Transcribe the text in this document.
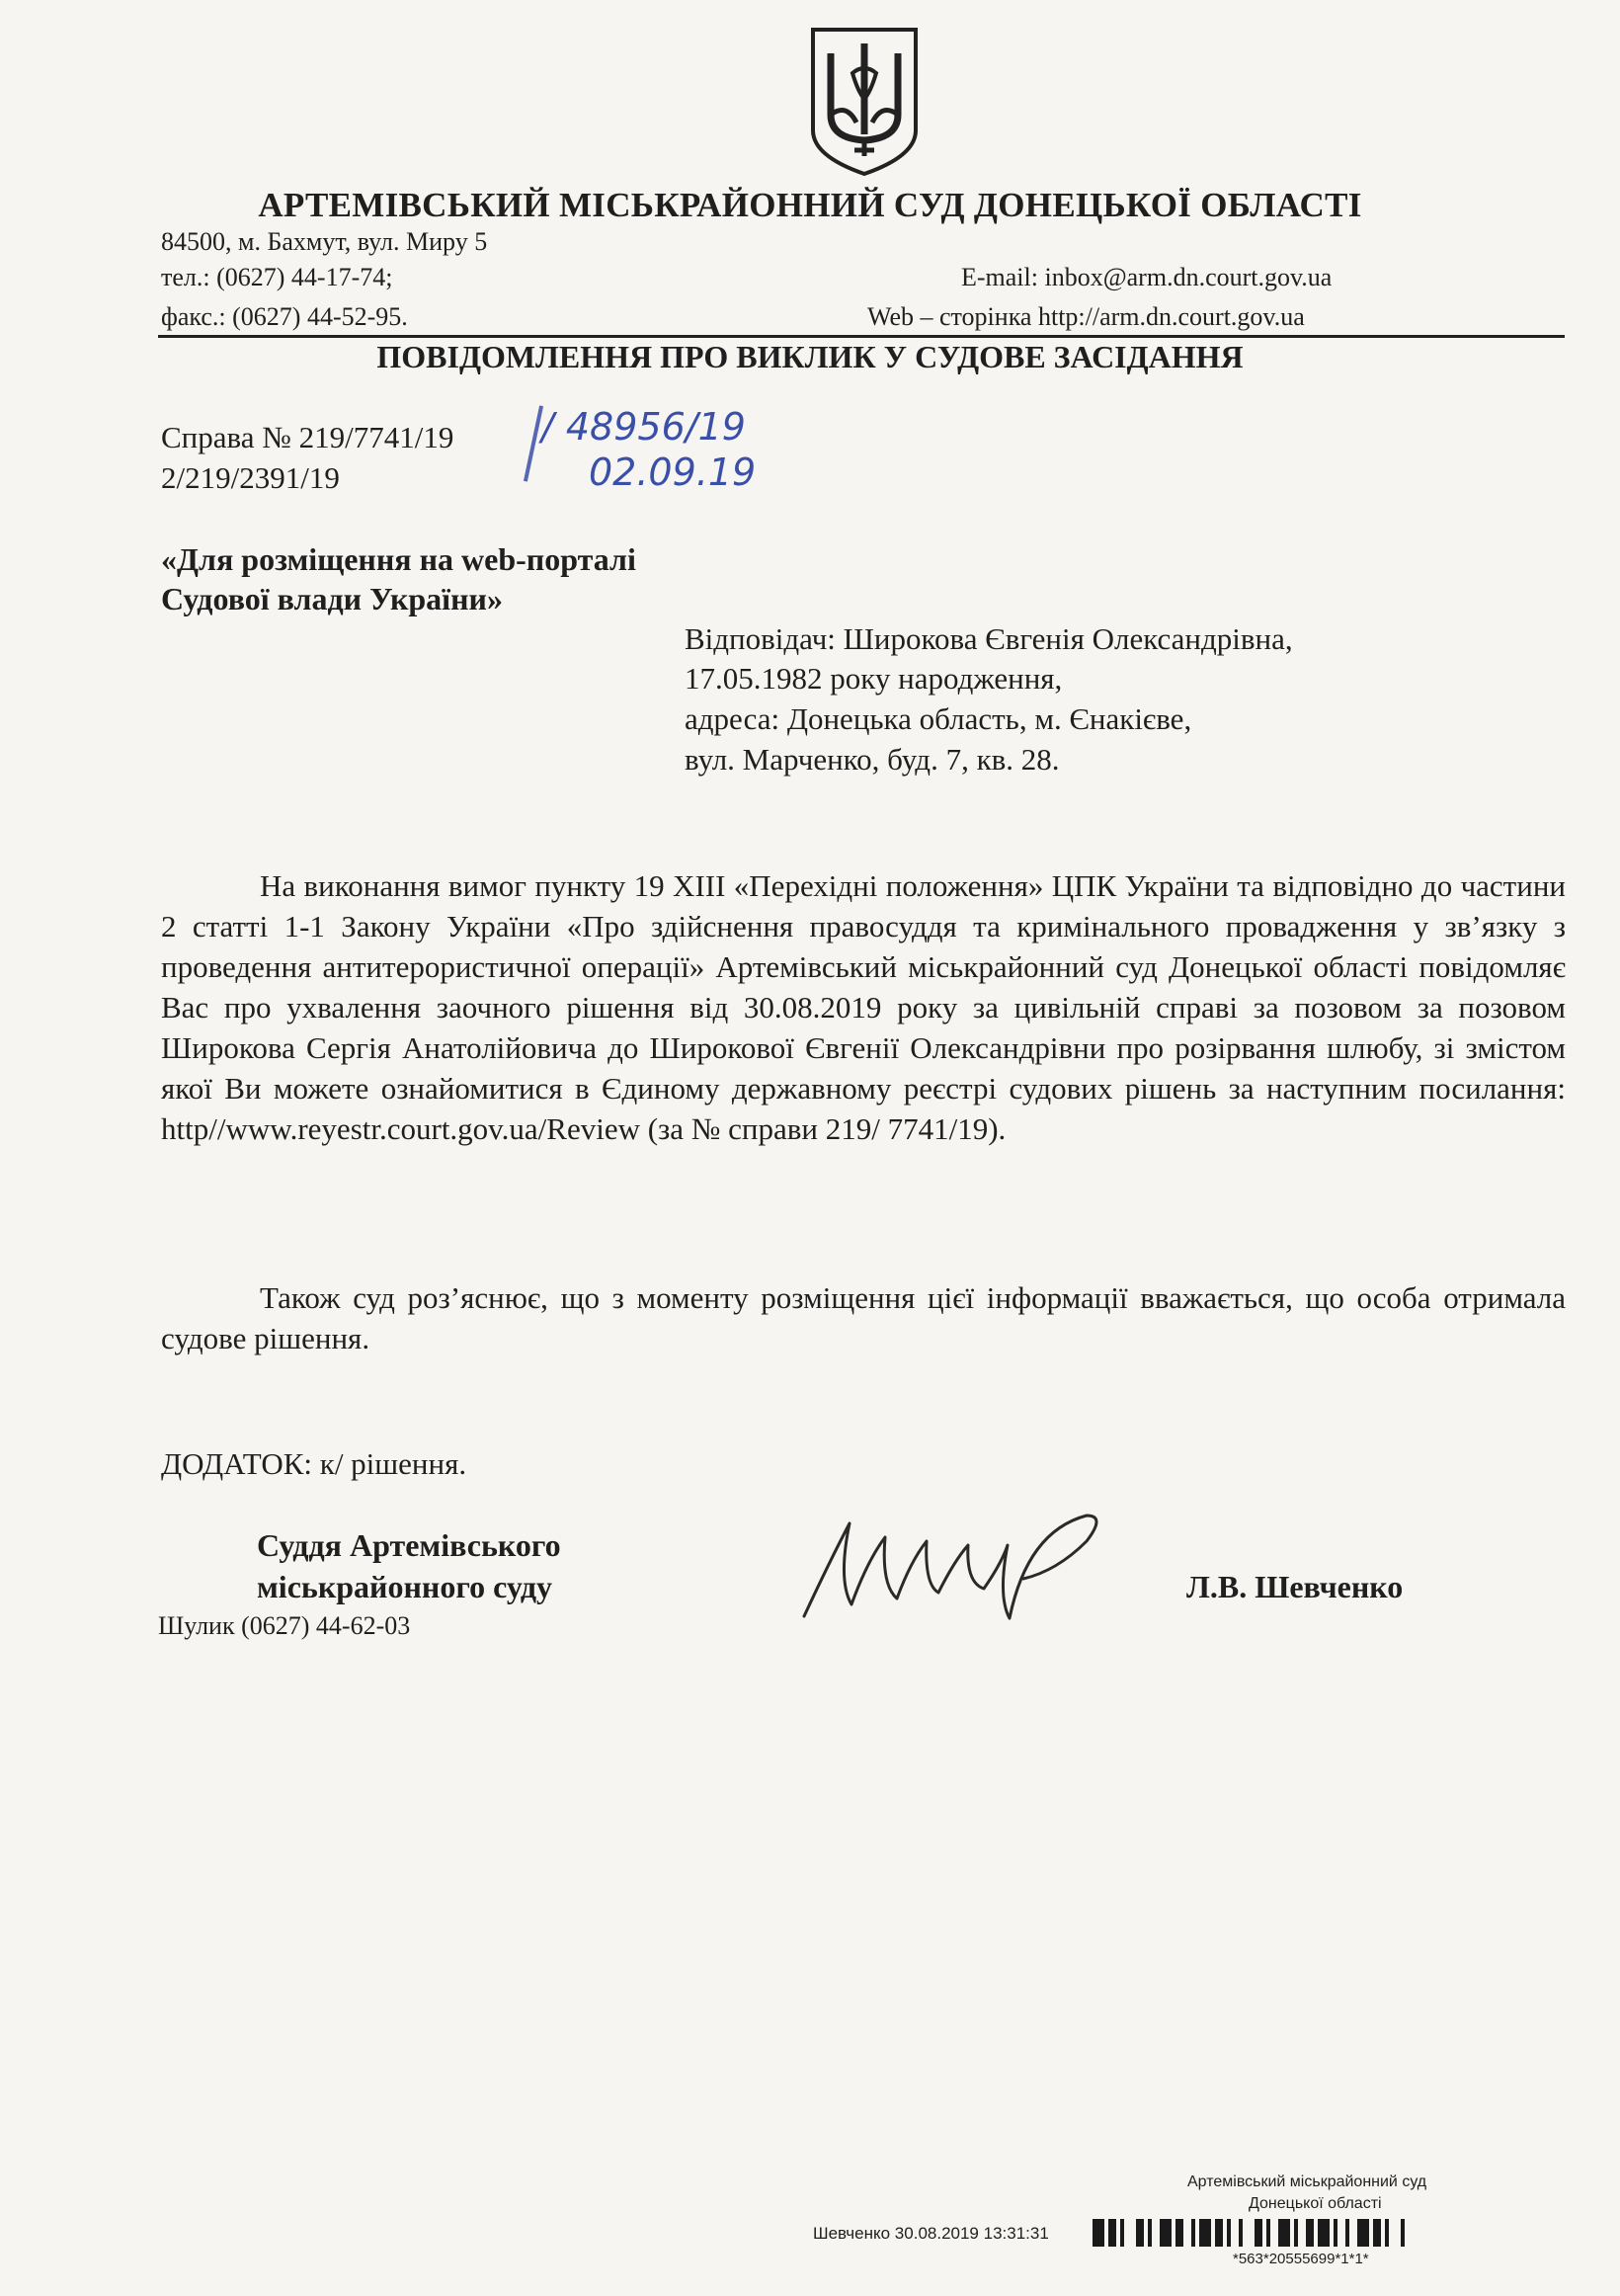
АРТЕМІВСЬКИЙ МІСЬКРАЙОННИЙ СУД ДОНЕЦЬКОЇ ОБЛАСТІ
84500, м. Бахмут, вул. Миру 5
тел.: (0627) 44-17-74;
факс.: (0627) 44-52-95.
E-mail: inbox@arm.dn.court.gov.ua
Web – сторінка http://arm.dn.court.gov.ua
ПОВІДОМЛЕННЯ ПРО ВИКЛИК У СУДОВЕ ЗАСІДАННЯ
Справа № 219/7741/19
2/219/2391/19
/ 48956/19
02.09.19
«Для розміщення на web-порталі
Судової влади України»
Відповідач: Широкова Євгенія Олександрівна,
17.05.1982 року народження,
адреса: Донецька область, м. Єнакієве,
вул. Марченко, буд. 7, кв. 28.
На виконання вимог пункту 19 XIII «Перехідні положення» ЦПК України та відповідно до частини 2 статті 1-1 Закону України «Про здійснення правосуддя та кримінального провадження у зв’язку з проведення антитерористичної операції» Артемівський міськрайонний суд Донецької області повідомляє Вас про ухвалення заочного рішення від 30.08.2019 року за цивільній справі за позовом за позовом Широкова Сергія Анатолійовича до Широкової Євгенії Олександрівни про розірвання шлюбу, зі змістом якої Ви можете ознайомитися в Єдиному державному реєстрі судових рішень за наступним посилання: http//www.reyestr.court.gov.ua/Review (за № справи 219/ 7741/19).
Також суд роз’яснює, що з моменту розміщення цієї інформації вважається, що особа отримала судове рішення.
ДОДАТОК: к/ рішення.
Суддя Артемівського
міськрайонного суду
Шулик (0627) 44-62-03
Л.В. Шевченко
Артемівський міськрайонний суд
Донецької області
Шевченко 30.08.2019 13:31:31
*563*20555699*1*1*
